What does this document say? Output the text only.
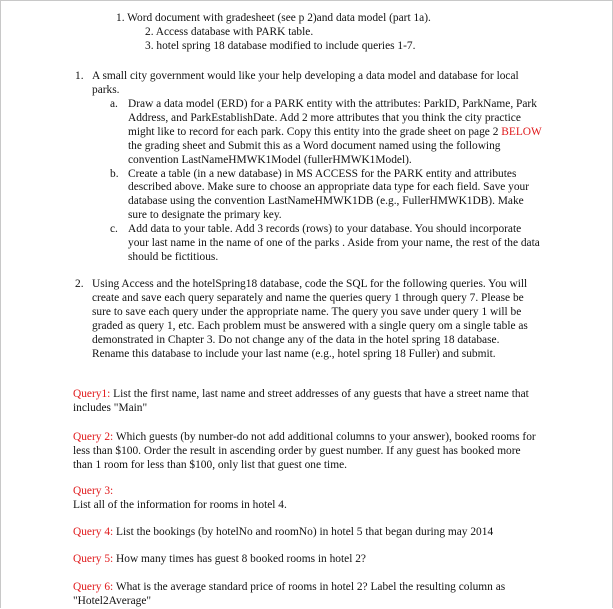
1. Word document with gradesheet (see p 2)and data model (part 1a).
2. Access database with PARK table.
3. hotel spring 18 database modified to include queries 1-7.
1. A small city government would like your help developing a data model and database for local parks.
a. Draw a data model (ERD) for a PARK entity with the attributes: ParkID, ParkName, Park Address, and ParkEstablishDate. Add 2 more attributes that you think the city practice might like to record for each park. Copy this entity into the grade sheet on page 2 BELOW the grading sheet and Submit this as a Word document named using the following convention LastNameHMWK1Model (fullerHMWK1Model).
b. Create a table (in a new database) in MS ACCESS for the PARK entity and attributes described above. Make sure to choose an appropriate data type for each field. Save your database using the convention LastNameHMWK1DB (e.g., FullerHMWK1DB). Make sure to designate the primary key.
c. Add data to your table. Add 3 records (rows) to your database. You should incorporate your last name in the name of one of the parks . Aside from your name, the rest of the data should be fictitious.
2. Using Access and the hotelSpring18 database, code the SQL for the following queries. You will create and save each query separately and name the queries query 1 through query 7. Please be sure to save each query under the appropriate name. The query you save under query 1 will be graded as query 1, etc. Each problem must be answered with a single query om a single table as demonstrated in Chapter 3. Do not change any of the data in the hotel spring 18 database. Rename this database to include your last name (e.g., hotel spring 18 Fuller) and submit.
Query1: List the first name, last name and street addresses of any guests that have a street name that includes "Main"
Query 2: Which guests (by number-do not add additional columns to your answer), booked rooms for less than $100. Order the result in ascending order by guest number. If any guest has booked more than 1 room for less than $100, only list that guest one time.
Query 3:
List all of the information for rooms in hotel 4.
Query 4: List the bookings (by hotelNo and roomNo) in hotel 5 that began during may 2014
Query 5: How many times has guest 8 booked rooms in hotel 2?
Query 6: What is the average standard price of rooms in hotel 2? Label the resulting column as "Hotel2Average"
